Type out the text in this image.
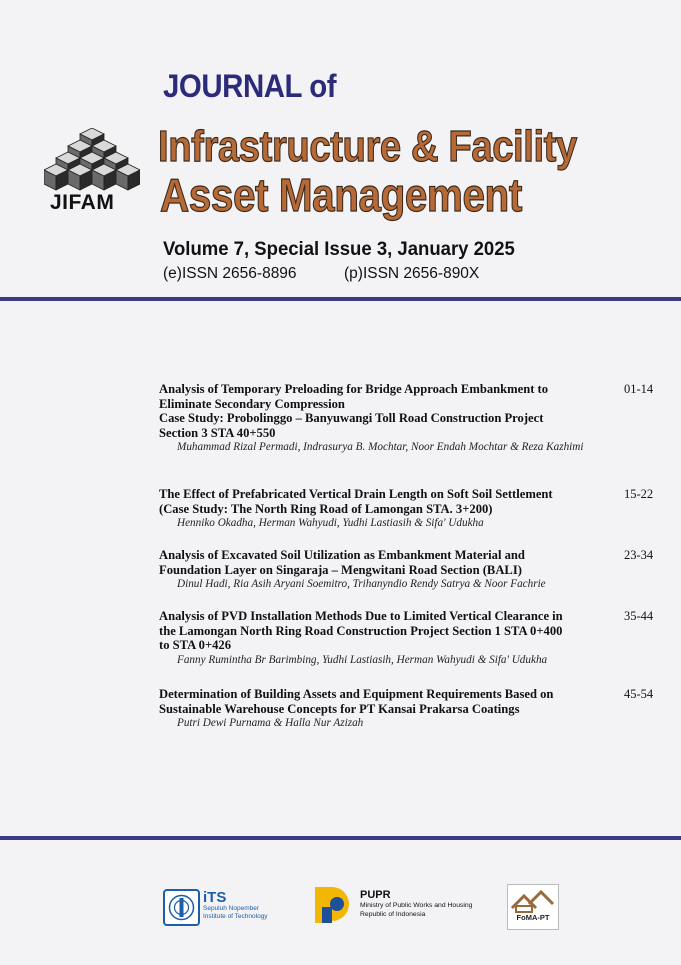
JIFAM
JOURNAL of
Infrastructure & Facility
Asset Management
Volume 7, Special Issue 3, January 2025
(e)ISSN 2656-8896	(p)ISSN 2656-890X

Analysis of Temporary Preloading for Bridge Approach Embankment to
Eliminate Secondary Compression
Case Study: Probolinggo – Banyuwangi Toll Road Construction Project
Section 3 STA 40+550

Muhammad Rizal Permadi, Indrasurya B. Mochtar, Noor Endah Mochtar & Reza Kazhimi
01-14

The Effect of Prefabricated Vertical Drain Length on Soft Soil Settlement
(Case Study: The North Ring Road of Lamongan STA. 3+200)

Henniko Okadha, Herman Wahyudi, Yudhi Lastiasih & Sifa' Udukha
15-22

Analysis of Excavated Soil Utilization as Embankment Material and
Foundation Layer on Singaraja – Mengwitani Road Section (BALI)

Dinul Hadi, Ria Asih Aryani Soemitro, Trihanyndio Rendy Satrya & Noor Fachrie
23-34

Analysis of PVD Installation Methods Due to Limited Vertical Clearance in
the Lamongan North Ring Road Construction Project Section 1 STA 0+400
to STA 0+426

Fanny Rumintha Br Barimbing, Yudhi Lastiasih, Herman Wahyudi & Sifa' Udukha
35-44

Determination of Building Assets and Equipment Requirements Based on
Sustainable Warehouse Concepts for PT Kansai Prakarsa Coatings

Putri Dewi Purnama & Halla Nur Azizah
45-54
iTS
Sepuluh Nopember
Institute of Technology
PUPR
Ministry of Public Works and Housing
Republic of Indonesia	FoMA-PT
